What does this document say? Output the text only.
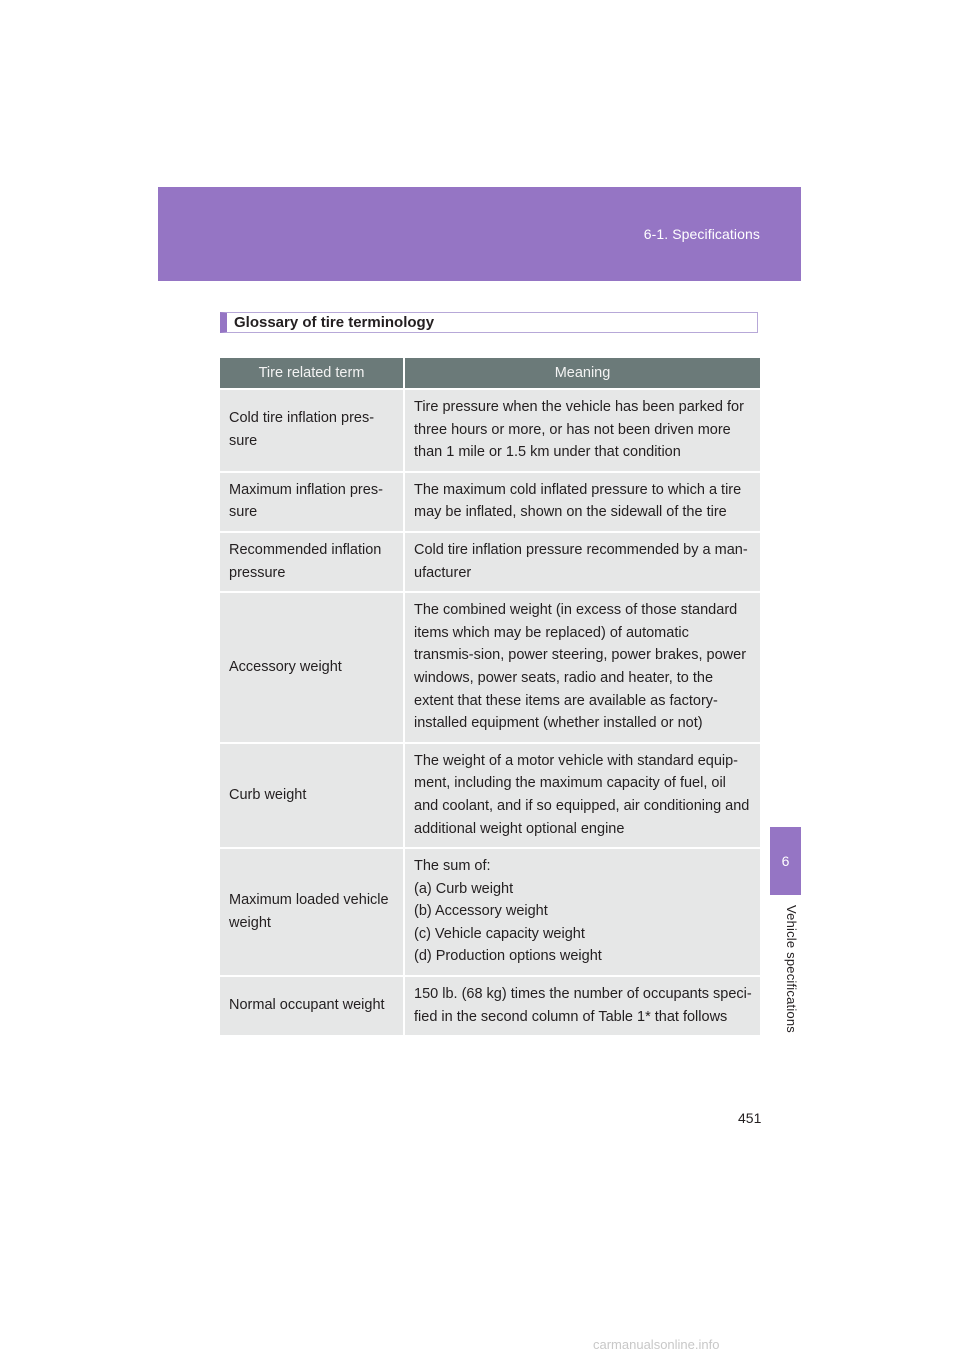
6-1. Specifications
6
Vehicle specifications
Glossary of tire terminology
Tire related term	Meaning
Cold tire inflation pres-
sure	Tire pressure when the vehicle has been parked for three hours or more, or has not been driven more than 1 mile or 1.5 km under that condition
Maximum inflation pres-
sure	The maximum cold inflated pressure to which a tire may be inflated, shown on the sidewall of the tire
Recommended inflation pressure	Cold tire inflation pressure recommended by a man-ufacturer
Accessory weight	The combined weight (in excess of those standard items which may be replaced) of automatic transmis-sion, power steering, power brakes, power windows, power seats, radio and heater, to the extent that these items are available as factory-installed equipment (whether installed or not)
Curb weight	The weight of a motor vehicle with standard equip-ment, including the maximum capacity of fuel, oil and coolant, and if so equipped, air conditioning and additional weight optional engine
Maximum loaded vehicle weight	The sum of:
(a) Curb weight
(b) Accessory weight
(c) Vehicle capacity weight
(d) Production options weight
Normal occupant weight	150 lb. (68 kg) times the number of occupants speci-fied in the second column of Table 1* that follows
451
carmanualsonline.info
